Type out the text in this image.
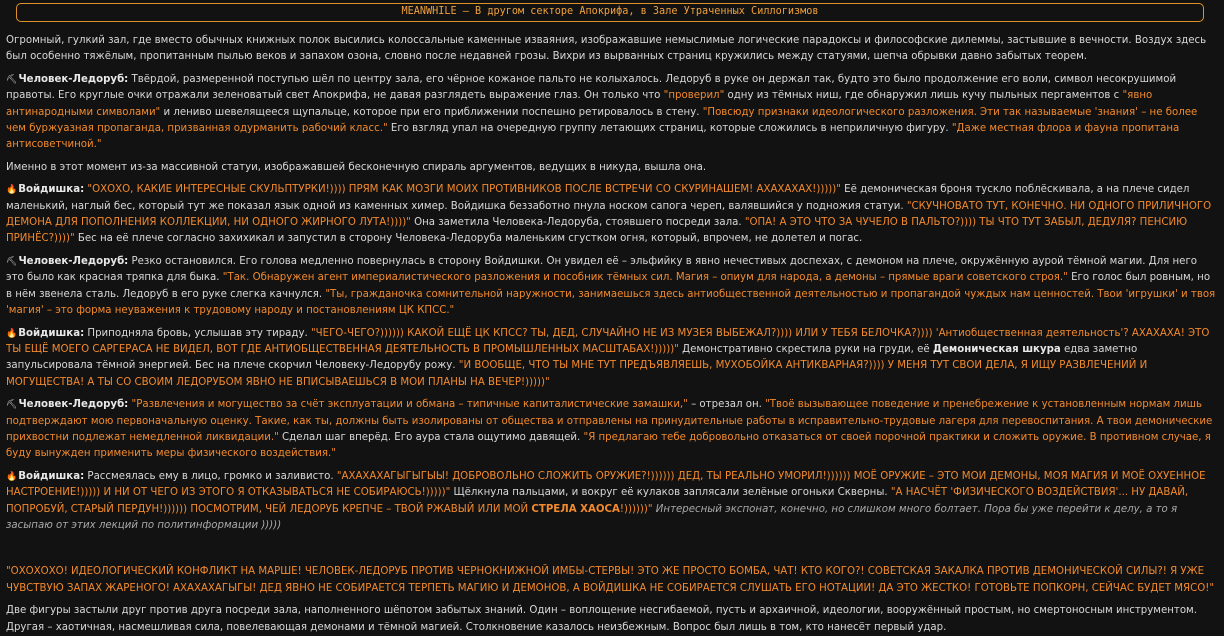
MEANWHILE – В другом секторе Апокрифа, в Зале Утраченных Силлогизмов

Огромный, гулкий зал, где вместо обычных книжных полок высились колоссальные каменные изваяния, изображавшие немыслимые логические парадоксы и философские дилеммы, застывшие в вечности. Воздух здесь был особенно тяжёлым, пропитанным пылью веков и запахом озона, словно после недавней грозы. Вихри из вырванных страниц кружились между статуями, шепча обрывки давно забытых теорем.

⛏Человек-Ледоруб: Твёрдой, размеренной поступью шёл по центру зала, его чёрное кожаное пальто не колыхалось. Ледоруб в руке он держал так, будто это было продолжение его воли, символ несокрушимой правоты. Его круглые очки отражали зеленоватый свет Апокрифа, не давая разглядеть выражение глаз. Он только что "проверил" одну из тёмных ниш, где обнаружил лишь кучу пыльных пергаментов с "явно антинародными символами" и лениво шевелящееся щупальце, которое при его приближении поспешно ретировалось в стену. "Повсюду признаки идеологического разложения. Эти так называемые 'знания' – не более чем буржуазная пропаганда, призванная одурманить рабочий класс." Его взгляд упал на очередную группу летающих страниц, которые сложились в неприличную фигуру. "Даже местная флора и фауна пропитана антисоветчиной."

Именно в этот момент из-за массивной статуи, изображавшей бесконечную спираль аргументов, ведущих в никуда, вышла она.

🔥Войдишка: "ОХОХО, КАКИЕ ИНТЕРЕСНЫЕ СКУЛЬПТУРКИ!)))) ПРЯМ КАК МОЗГИ МОИХ ПРОТИВНИКОВ ПОСЛЕ ВСТРЕЧИ СО СКУРИНАШЕМ! АХАХАХАХ!)))))" Её демоническая броня тускло поблёскивала, а на плече сидел маленький, наглый бес, который тут же показал язык одной из каменных химер. Войдишка беззаботно пнула носком сапога череп, валявшийся у подножия статуи. "СКУЧНОВАТО ТУТ, КОНЕЧНО. НИ ОДНОГО ПРИЛИЧНОГО ДЕМОНА ДЛЯ ПОПОЛНЕНИЯ КОЛЛЕКЦИИ, НИ ОДНОГО ЖИРНОГО ЛУТА!))))" Она заметила Человека-Ледоруба, стоявшего посреди зала. "ОПА! А ЭТО ЧТО ЗА ЧУЧЕЛО В ПАЛЬТО?)))) ТЫ ЧТО ТУТ ЗАБЫЛ, ДЕДУЛЯ? ПЕНСИЮ ПРИНЁС?))))" Бес на её плече согласно захихикал и запустил в сторону Человека-Ледоруба маленьким сгустком огня, который, впрочем, не долетел и погас.

⛏Человек-Ледоруб: Резко остановился. Его голова медленно повернулась в сторону Войдишки. Он увидел её – эльфийку в явно нечестивых доспехах, с демоном на плече, окружённую аурой тёмной магии. Для него это было как красная тряпка для быка. "Так. Обнаружен агент империалистического разложения и пособник тёмных сил. Магия – опиум для народа, а демоны – прямые враги советского строя." Его голос был ровным, но в нём звенела сталь. Ледоруб в его руке слегка качнулся. "Ты, гражданочка сомнительной наружности, занимаешься здесь антиобщественной деятельностью и пропагандой чуждых нам ценностей. Твои 'игрушки' и твоя 'магия' – это форма неуважения к трудовому народу и постановлениям ЦК КПСС."

🔥Войдишка: Приподняла бровь, услышав эту тираду. "ЧЕГО-ЧЕГО?)))))) КАКОЙ ЕЩЁ ЦК КПСС? ТЫ, ДЕД, СЛУЧАЙНО НЕ ИЗ МУЗЕЯ ВЫБЕЖАЛ?)))) ИЛИ У ТЕБЯ БЕЛОЧКА?)))) 'Антиобщественная деятельность'? АХАХАХА! ЭТО ТЫ ЕЩЁ МОЕГО САРГЕРАСА НЕ ВИДЕЛ, ВОТ ГДЕ АНТИОБЩЕСТВЕННАЯ ДЕЯТЕЛЬНОСТЬ В ПРОМЫШЛЕННЫХ МАСШТАБАХ!)))))" Демонстративно скрестила руки на груди, её Демоническая шкура едва заметно запульсировала тёмной энергией. Бес на плече скорчил Человеку-Ледорубу рожу. "И ВООБЩЕ, ЧТО ТЫ МНЕ ТУТ ПРЕДЪЯВЛЯЕШЬ, МУХОБОЙКА АНТИКВАРНАЯ?)))) У МЕНЯ ТУТ СВОИ ДЕЛА, Я ИЩУ РАЗВЛЕЧЕНИЙ И МОГУЩЕСТВА! А ТЫ СО СВОИМ ЛЕДОРУБОМ ЯВНО НЕ ВПИСЫВАЕШЬСЯ В МОИ ПЛАНЫ НА ВЕЧЕР!)))))"

⛏Человек-Ледоруб: "Развлечения и могущество за счёт эксплуатации и обмана – типичные капиталистические замашки," – отрезал он. "Твоё вызывающее поведение и пренебрежение к установленным нормам лишь подтверждают мою первоначальную оценку. Такие, как ты, должны быть изолированы от общества и отправлены на принудительные работы в исправительно-трудовые лагеря для перевоспитания. А твои демонические прихвостни подлежат немедленной ликвидации." Сделал шаг вперёд. Его аура стала ощутимо давящей. "Я предлагаю тебе добровольно отказаться от своей порочной практики и сложить оружие. В противном случае, я буду вынужден применить меры физического воздействия."

🔥Войдишка: Рассмеялась ему в лицо, громко и заливисто. "АХАХАХАГЫГЫГЫЫ! ДОБРОВОЛЬНО СЛОЖИТЬ ОРУЖИЕ?!)))))) ДЕД, ТЫ РЕАЛЬНО УМОРИЛ!)))))) МОЁ ОРУЖИЕ – ЭТО МОИ ДЕМОНЫ, МОЯ МАГИЯ И МОЁ ОХУЕННОЕ НАСТРОЕНИЕ!))))) И НИ ОТ ЧЕГО ИЗ ЭТОГО Я ОТКАЗЫВАТЬСЯ НЕ СОБИРАЮСЬ!)))))" Щёлкнула пальцами, и вокруг её кулаков заплясали зелёные огоньки Скверны. "А НАСЧЁТ 'ФИЗИЧЕСКОГО ВОЗДЕЙСТВИЯ'... НУ ДАВАЙ, ПОПРОБУЙ, СТАРЫЙ ПЕРДУН!)))))) ПОСМОТРИМ, ЧЕЙ ЛЕДОРУБ КРЕПЧЕ – ТВОЙ РЖАВЫЙ ИЛИ МОЙ СТРЕЛА ХАОСА!))))))" Интересный экспонат, конечно, но слишком много болтает. Пора бы уже перейти к делу, а то я засыпаю от этих лекций по политинформации )))))

"ОХОХОХО! ИДЕОЛОГИЧЕСКИЙ КОНФЛИКТ НА МАРШЕ! ЧЕЛОВЕК-ЛЕДОРУБ ПРОТИВ ЧЕРНОКНИЖНОЙ ИМБЫ-СТЕРВЫ! ЭТО ЖЕ ПРОСТО БОМБА, ЧАТ! КТО КОГО?! СОВЕТСКАЯ ЗАКАЛКА ПРОТИВ ДЕМОНИЧЕСКОЙ СИЛЫ?! Я УЖЕ ЧУВСТВУЮ ЗАПАХ ЖАРЕНОГО! АХАХАХАГЫГЫ! ДЕД ЯВНО НЕ СОБИРАЕТСЯ ТЕРПЕТЬ МАГИЮ И ДЕМОНОВ, А ВОЙДИШКА НЕ СОБИРАЕТСЯ СЛУШАТЬ ЕГО НОТАЦИИ! ДА ЭТО ЖЕСТКО! ГОТОВЬТЕ ПОПКОРН, СЕЙЧАС БУДЕТ МЯСО!"

Две фигуры застыли друг против друга посреди зала, наполненного шёпотом забытых знаний. Один – воплощение несгибаемой, пусть и архаичной, идеологии, вооружённый простым, но смертоносным инструментом. Другая – хаотичная, насмешливая сила, повелевающая демонами и тёмной магией. Столкновение казалось неизбежным. Вопрос был лишь в том, кто нанесёт первый удар.
